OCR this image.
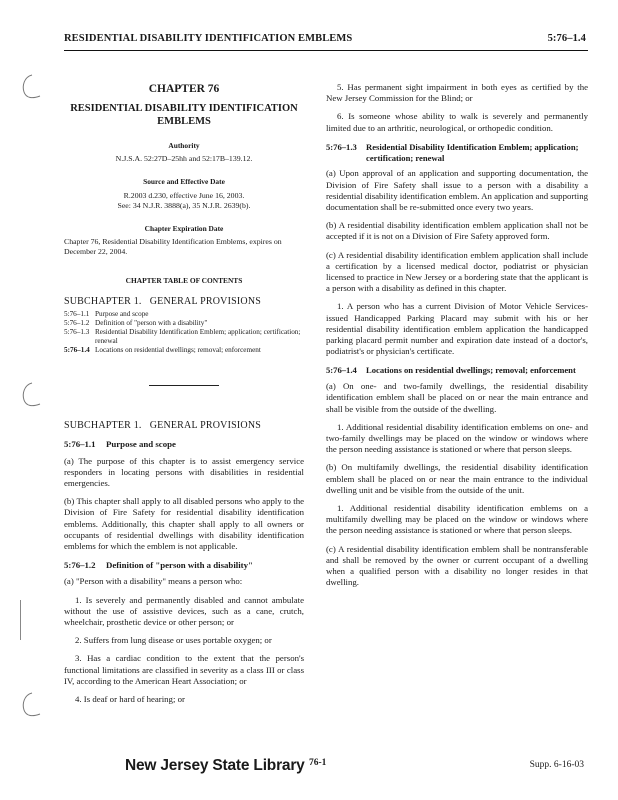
RESIDENTIAL DISABILITY IDENTIFICATION EMBLEMS	5:76–1.4
CHAPTER 76
RESIDENTIAL DISABILITY IDENTIFICATION EMBLEMS
Authority
N.J.S.A. 52:27D–25hh and 52:17B–139.12.
Source and Effective Date
R.2003 d.230, effective June 16, 2003.
See: 34 N.J.R. 3888(a), 35 N.J.R. 2639(b).
Chapter Expiration Date
Chapter 76, Residential Disability Identification Emblems, expires on December 22, 2004.
CHAPTER TABLE OF CONTENTS
SUBCHAPTER 1.   GENERAL PROVISIONS
5:76–1.1 Purpose and scope
5:76–1.2 Definition of "person with a disability"
5:76–1.3 Residential Disability Identification Emblem; application; certification; renewal
5:76–1.4 Locations on residential dwellings; removal; enforcement
SUBCHAPTER 1.   GENERAL PROVISIONS
5:76–1.1 Purpose and scope

(a) The purpose of this chapter is to assist emergency service responders in locating persons with disabilities in residential emergencies.

(b) This chapter shall apply to all disabled persons who apply to the Division of Fire Safety for residential disability identification emblems. Additionally, this chapter shall apply to all owners or occupants of residential dwellings with disability identification emblems for which the emblem is not applicable.

5:76–1.2 Definition of "person with a disability"

(a) "Person with a disability" means a person who:

1. Is severely and permanently disabled and cannot ambulate without the use of assistive devices, such as a cane, crutch, wheelchair, prosthetic device or other person; or

2. Suffers from lung disease or uses portable oxygen; or

3. Has a cardiac condition to the extent that the person's functional limitations are classified in severity as a class III or class IV, according to the American Heart Association; or

4. Is deaf or hard of hearing; or

5. Has permanent sight impairment in both eyes as certified by the New Jersey Commission for the Blind; or

6. Is someone whose ability to walk is severely and permanently limited due to an arthritic, neurological, or orthopedic condition.

5:76–1.3 Residential Disability Identification Emblem; application; certification; renewal

(a) Upon approval of an application and supporting documentation, the Division of Fire Safety shall issue to a person with a disability a residential disability identification emblem. An application and supporting documentation shall be re-submitted once every two years.

(b) A residential disability identification emblem application shall not be accepted if it is not on a Division of Fire Safety approved form.

(c) A residential disability identification emblem application shall include a certification by a licensed medical doctor, podiatrist or physician licensed to practice in New Jersey or a bordering state that the applicant is a person with a disability as defined in this chapter.

1. A person who has a current Division of Motor Vehicle Services-issued Handicapped Parking Placard may submit with his or her residential disability identification emblem application the handicapped parking placard permit number and expiration date instead of a doctor's, podiatrist's or physician's certificate.

5:76–1.4 Locations on residential dwellings; removal; enforcement

(a) On one- and two-family dwellings, the residential disability identification emblem shall be placed on or near the main entrance and shall be visible from the outside of the dwelling.

1. Additional residential disability identification emblems on one- and two-family dwellings may be placed on the window or windows where the person needing assistance is stationed or where that person sleeps.

(b) On multifamily dwellings, the residential disability identification emblem shall be placed on or near the main entrance to the individual dwelling unit and be visible from the outside of the unit.

1. Additional residential disability identification emblems on a multifamily dwelling may be placed on the window or windows where the person needing assistance is stationed or where that person sleeps.

(c) A residential disability identification emblem shall be nontransferable and shall be removed by the owner or current occupant of a dwelling when a qualified person with a disability no longer resides in that dwelling.

New Jersey State Library 76-1	Supp. 6-16-03
